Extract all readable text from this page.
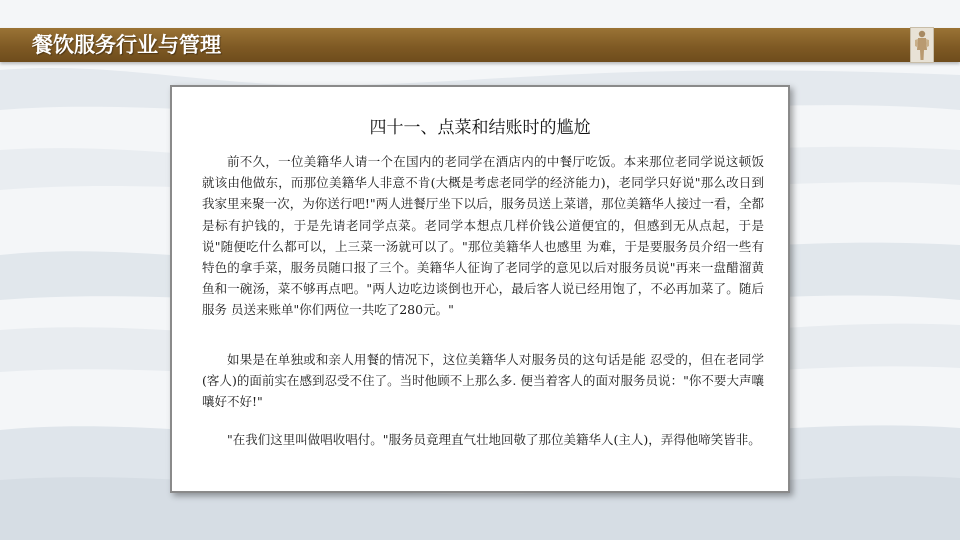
餐饮服务行业与管理
四十一、点菜和结账时的尴尬

前不久，一位美籍华人请一个在国内的老同学在酒店内的中餐厅吃饭。本来那位老同学说这顿饭就该由他做东，而那位美籍华人非意不肯(大概是考虑老同学的经济能力)，老同学只好说"那么改日到我家里来聚一次，为你送行吧!"两人进餐厅坐下以后，服务员送上菜谱，那位美籍华人接过一看，全都是标有护钱的，于是先请老同学点菜。老同学本想点几样价钱公道便宜的，但感到无从点起，于是说"随便吃什么都可以，上三菜一汤就可以了。"那位美籍华人也感里 为难，于是要服务员介绍一些有特色的拿手菜，服务员随口报了三个。美籍华人征询了老同学的意见以后对服务员说"再来一盘醋溜黄鱼和一碗汤，菜不够再点吧。"两人边吃边谈倒也开心，最后客人说已经用饱了，不必再加菜了。随后服务 员送来账单"你们两位一共吃了280元。"

如果是在单独或和亲人用餐的情况下，这位美籍华人对服务员的这句话是能 忍受的，但在老同学(客人)的面前实在感到忍受不住了。当时他顾不上那么多. 便当着客人的面对服务员说："你不要大声嚷嚷好不好!"

"在我们这里叫做唱收唱付。"服务员竟理直气壮地回敬了那位美籍华人(主人)，弄得他啼笑皆非。
